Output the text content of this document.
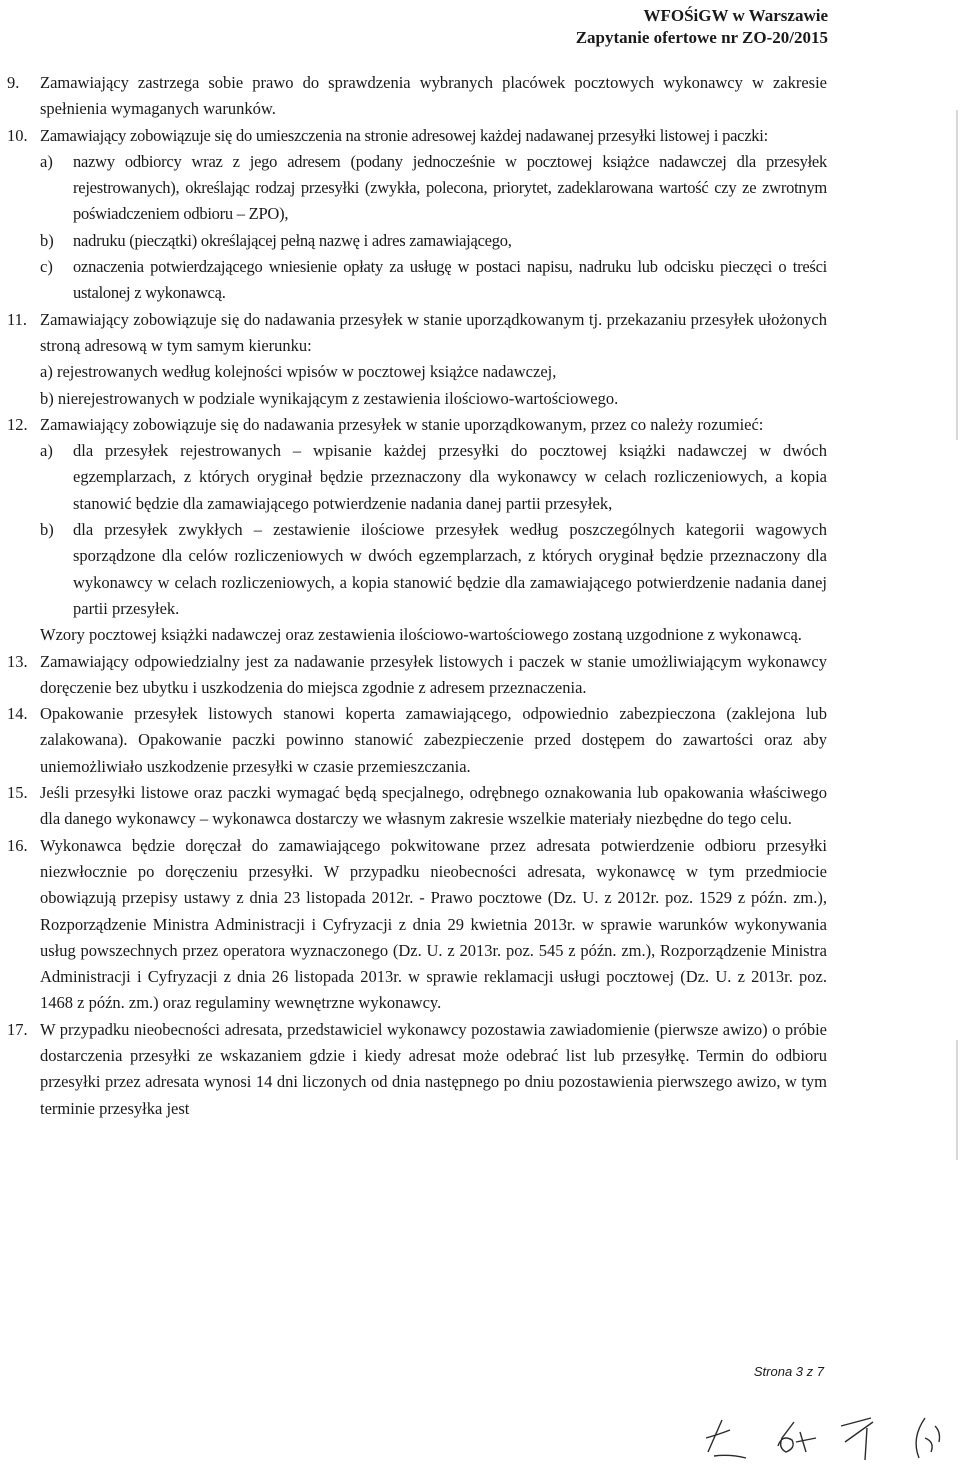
WFOŚiGW w Warszawie
Zapytanie ofertowe nr ZO-20/2015
9.	Zamawiający zastrzega sobie prawo do sprawdzenia wybranych placówek pocztowych wykonawcy w zakresie spełnienia wymaganych warunków.
10. Zamawiający zobowiązuje się do umieszczenia na stronie adresowej każdej nadawanej przesyłki listowej i paczki:
a)	nazwy odbiorcy wraz z jego adresem (podany jednocześnie w pocztowej książce nadawczej dla przesyłek rejestrowanych), określając rodzaj przesyłki (zwykła, polecona, priorytet, zadeklarowana wartość czy ze zwrotnym poświadczeniem odbioru – ZPO),
b)	nadruku (pieczątki) określającej pełną nazwę i adres zamawiającego,
c)	oznaczenia potwierdzającego wniesienie opłaty za usługę w postaci napisu, nadruku lub odcisku pieczęci o treści ustalonej z wykonawcą.
11. Zamawiający zobowiązuje się do nadawania przesyłek w stanie uporządkowanym tj. przekazaniu przesyłek ułożonych stroną adresową w tym samym kierunku:
a) rejestrowanych według kolejności wpisów w pocztowej książce nadawczej,
b) nierejestrowanych w podziale wynikającym z zestawienia ilościowo-wartościowego.
12. Zamawiający zobowiązuje się do nadawania przesyłek w stanie uporządkowanym, przez co należy rozumieć:
a)	dla przesyłek rejestrowanych – wpisanie każdej przesyłki do pocztowej książki nadawczej w dwóch egzemplarzach, z których oryginał będzie przeznaczony dla wykonawcy w celach rozliczeniowych, a kopia stanowić będzie dla zamawiającego potwierdzenie nadania danej partii przesyłek,
b)	dla przesyłek zwykłych – zestawienie ilościowe przesyłek według poszczególnych kategorii wagowych sporządzone dla celów rozliczeniowych w dwóch egzemplarzach, z których oryginał będzie przeznaczony dla wykonawcy w celach rozliczeniowych, a kopia stanowić będzie dla zamawiającego potwierdzenie nadania danej partii przesyłek.
Wzory pocztowej książki nadawczej oraz zestawienia ilościowo-wartościowego zostaną uzgodnione z wykonawcą.
13. Zamawiający odpowiedzialny jest za nadawanie przesyłek listowych i paczek w stanie umożliwiającym wykonawcy doręczenie bez ubytku i uszkodzenia do miejsca zgodnie z adresem przeznaczenia.
14. Opakowanie przesyłek listowych stanowi koperta zamawiającego, odpowiednio zabezpieczona (zaklejona lub zalakowana). Opakowanie paczki powinno stanowić zabezpieczenie przed dostępem do zawartości oraz aby uniemożliwiało uszkodzenie przesyłki w czasie przemieszczania.
15. Jeśli przesyłki listowe oraz paczki wymagać będą specjalnego, odrębnego oznakowania lub opakowania właściwego dla danego wykonawcy – wykonawca dostarczy we własnym zakresie wszelkie materiały niezbędne do tego celu.
16. Wykonawca będzie doręczał do zamawiającego pokwitowane przez adresata potwierdzenie odbioru przesyłki niezwłocznie po doręczeniu przesyłki. W przypadku nieobecności adresata, wykonawcę w tym przedmiocie obowiązują przepisy ustawy z dnia 23 listopada 2012r. - Prawo pocztowe (Dz. U. z 2012r. poz. 1529 z późn. zm.), Rozporządzenie Ministra Administracji i Cyfryzacji z dnia 29 kwietnia 2013r. w sprawie warunków wykonywania usług powszechnych przez operatora wyznaczonego (Dz. U. z 2013r. poz. 545 z późn. zm.), Rozporządzenie Ministra Administracji i Cyfryzacji z dnia 26 listopada 2013r. w sprawie reklamacji usługi pocztowej (Dz. U. z 2013r. poz. 1468 z późn. zm.) oraz regulaminy wewnętrzne wykonawcy.
17. W przypadku nieobecności adresata, przedstawiciel wykonawcy pozostawia zawiadomienie (pierwsze awizo) o próbie dostarczenia przesyłki ze wskazaniem gdzie i kiedy adresat może odebrać list lub przesyłkę. Termin do odbioru przesyłki przez adresata wynosi 14 dni liczonych od dnia następnego po dniu pozostawienia pierwszego awizo, w tym terminie przesyłka jest
Strona 3 z 7
